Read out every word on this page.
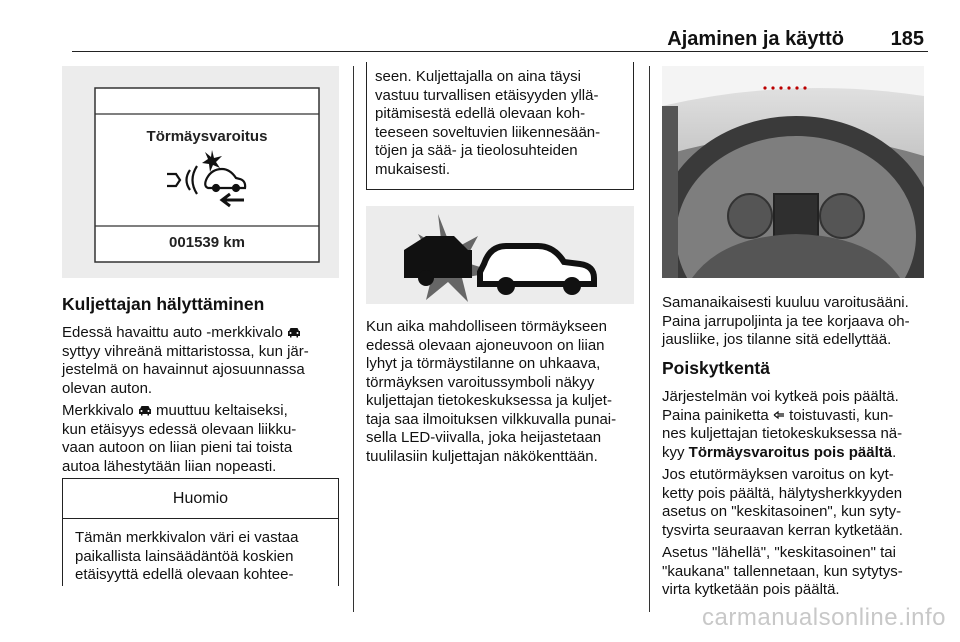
Ajaminen ja käyttö 185
Törmäysvaroitus
001539 km
Kuljettajan hälyttäminen
Edessä havaittu auto -merkkivalo
syttyy vihreänä mittaristossa, kun jär-
jestelmä on havainnut ajosuunnassa
olevan auton.
Merkkivalo muuttuu keltaiseksi,
kun etäisyys edessä olevaan liikku-
vaan autoon on liian pieni tai toista
autoa lähestytään liian nopeasti.
Huomio
Tämän merkkivalon väri ei vastaa
paikallista lainsäädäntöä koskien
etäisyyttä edellä olevaan kohtee-
seen. Kuljettajalla on aina täysi
vastuu turvallisen etäisyyden yllä-
pitämisestä edellä olevaan koh-
teeseen soveltuvien liikennesään-
töjen ja sää- ja tieolosuhteiden
mukaisesti.
Kun aika mahdolliseen törmäykseen
edessä olevaan ajoneuvoon on liian
lyhyt ja törmäystilanne on uhkaava,
törmäyksen varoitussymboli näkyy
kuljettajan tietokeskuksessa ja kuljet-
taja saa ilmoituksen vilkkuvalla punai-
sella LED-viivalla, joka heijastetaan
tuulilasiin kuljettajan näkökenttään.
Samanaikaisesti kuuluu varoitusääni.
Paina jarrupoljinta ja tee korjaava oh-
jausliike, jos tilanne sitä edellyttää.
Poiskytkentä
Järjestelmän voi kytkeä pois päältä.
Paina painiketta toistuvasti, kun-
nes kuljettajan tietokeskuksessa nä-
kyy Törmäysvaroitus pois päältä.
Jos etutörmäyksen varoitus on kyt-
ketty pois päältä, hälytysherkkyyden
asetus on "keskitasoinen", kun syty-
tysvirta seuraavan kerran kytketään.
Asetus "lähellä", "keskitasoinen" tai
"kaukana" tallennetaan, kun sytytys-
virta kytketään pois päältä.
carmanualsonline.info
